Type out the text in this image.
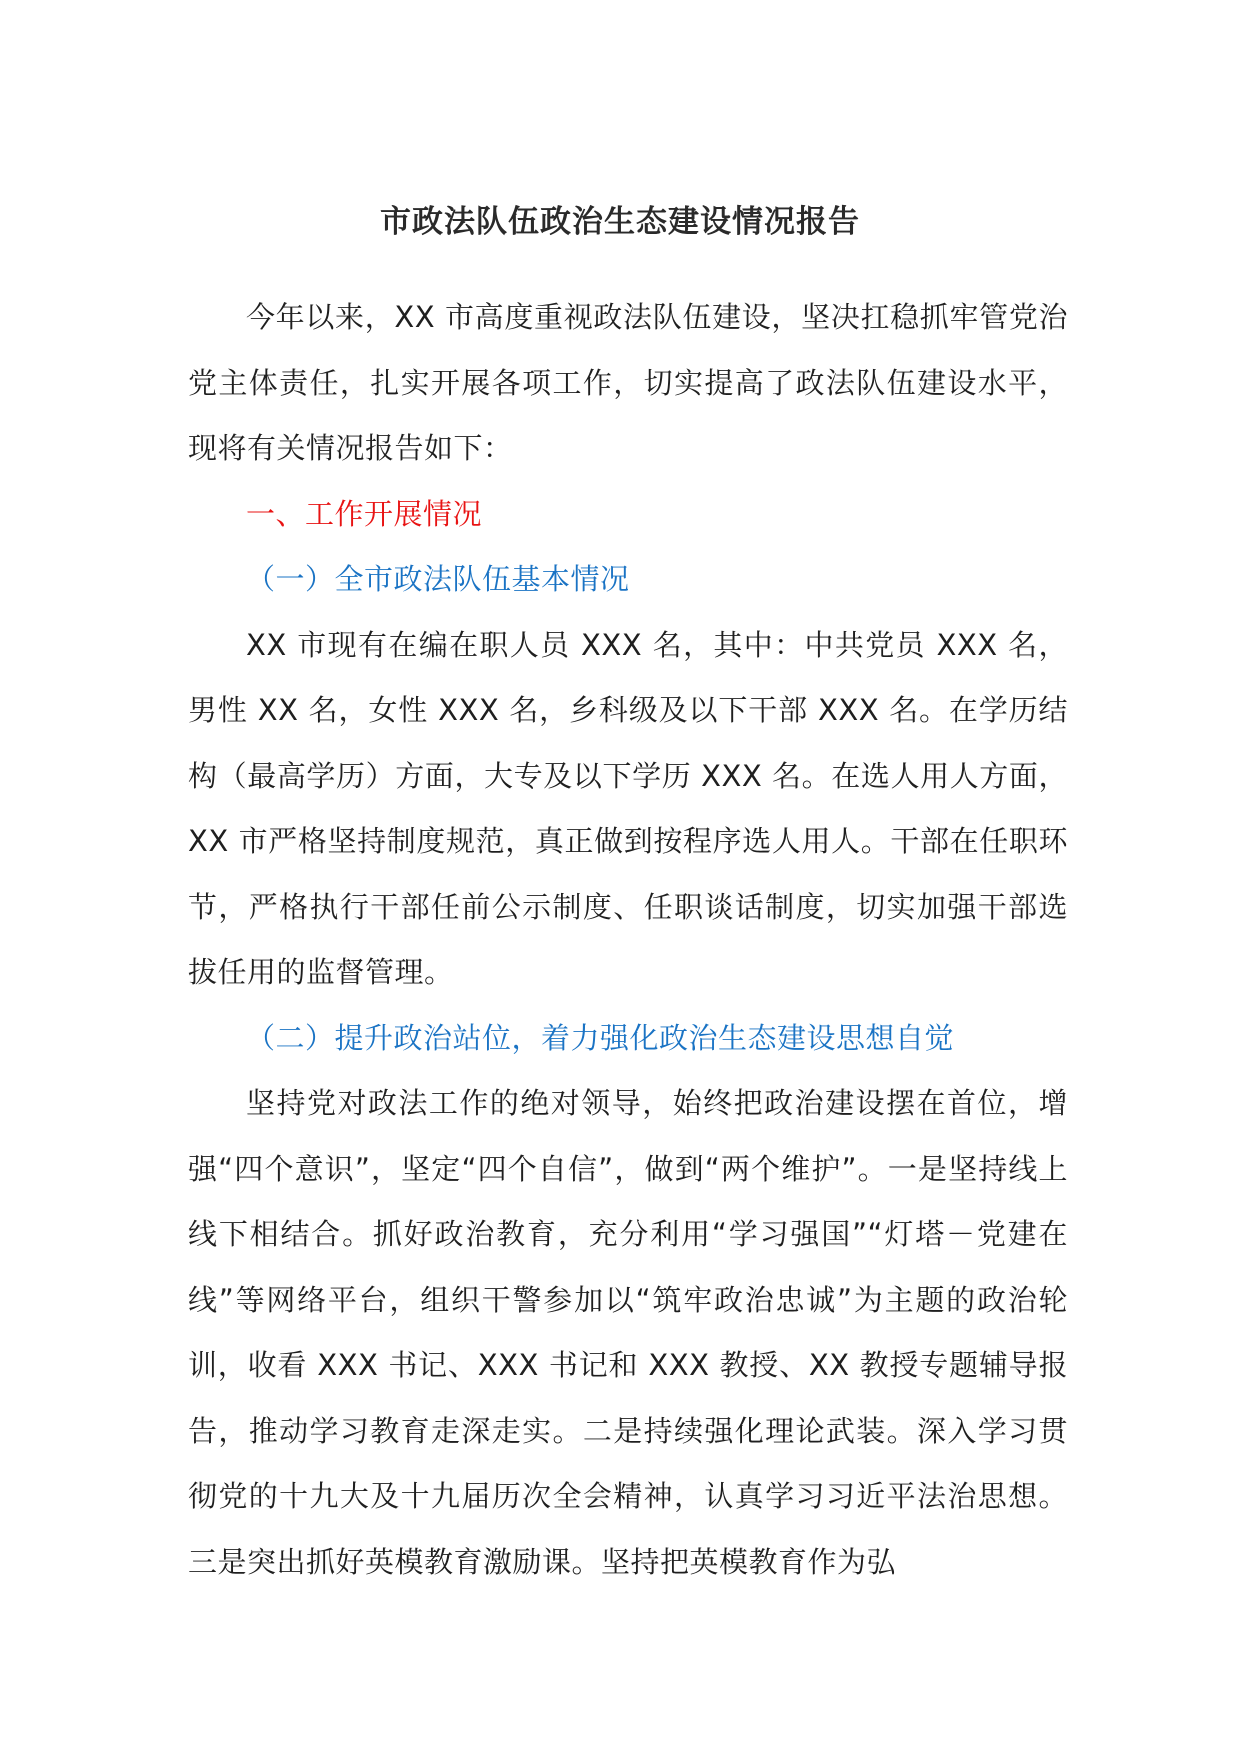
市政法队伍政治生态建设情况报告

今年以来，XX 市高度重视政法队伍建设，坚决扛稳抓牢管党治党主体责任，扎实开展各项工作，切实提高了政法队伍建设水平，现将有关情况报告如下：

一、工作开展情况

（一）全市政法队伍基本情况

XX 市现有在编在职人员 XXX 名，其中：中共党员 XXX 名，男性 XX 名，女性 XXX 名，乡科级及以下干部 XXX 名。在学历结构（最高学历）方面，大专及以下学历 XXX 名。在选人用人方面，XX 市严格坚持制度规范，真正做到按程序选人用人。干部在任职环节，严格执行干部任前公示制度、任职谈话制度，切实加强干部选拔任用的监督管理。

（二）提升政治站位，着力强化政治生态建设思想自觉

坚持党对政法工作的绝对领导，始终把政治建设摆在首位，增强“四个意识”，坚定“四个自信”，做到“两个维护”。一是坚持线上线下相结合。抓好政治教育，充分利用“学习强国”“灯塔－党建在线”等网络平台，组织干警参加以“筑牢政治忠诚”为主题的政治轮训，收看 XXX 书记、XXX 书记和 XXX 教授、XX 教授专题辅导报告，推动学习教育走深走实。二是持续强化理论武装。深入学习贯彻党的十九大及十九届历次全会精神，认真学习习近平法治思想。三是突出抓好英模教育激励课。坚持把英模教育作为弘
